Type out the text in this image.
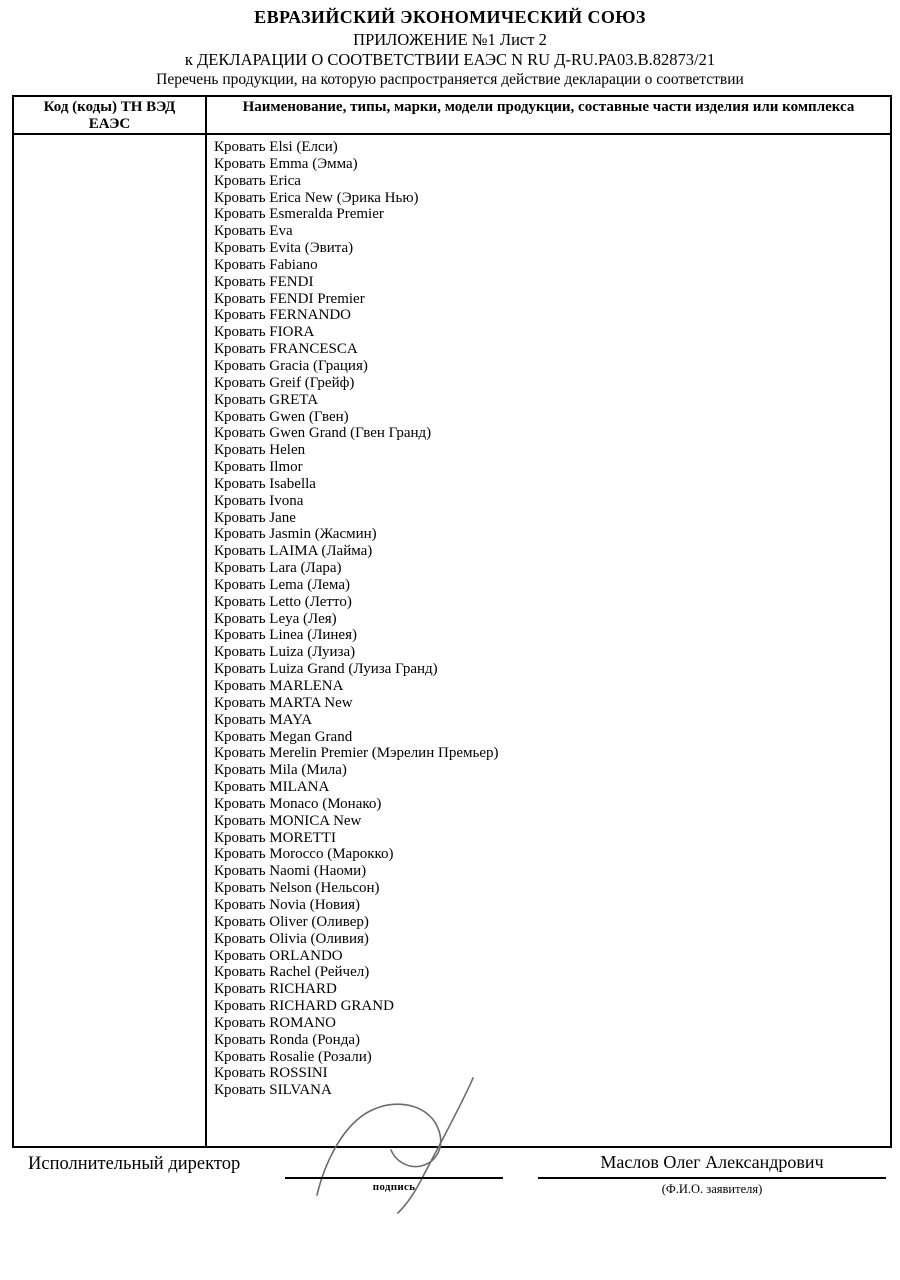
ЕВРАЗИЙСКИЙ ЭКОНОМИЧЕСКИЙ СОЮЗ
ПРИЛОЖЕНИЕ №1 Лист 2
к ДЕКЛАРАЦИИ О СООТВЕТСТВИИ ЕАЭС N RU Д-RU.РА03.В.82873/21
Перечень продукции, на которую распространяется действие декларации о соответствии
Код (коды) ТН ВЭД ЕАЭС
Наименование, типы, марки, модели продукции, составные части изделия или комплекса
Кровать Elsi (Елси)
Кровать Emma (Эмма)
Кровать Erica
Кровать Erica New (Эрика Нью)
Кровать Esmeralda Premier
Кровать Eva
Кровать Evita (Эвита)
Кровать Fabiano
Кровать FENDI
Кровать FENDI Premier
Кровать FERNANDO
Кровать FIORA
Кровать FRANCESCA
Кровать Gracia (Грация)
Кровать Greif (Грейф)
Кровать GRETA
Кровать Gwen (Гвен)
Кровать Gwen Grand (Гвен Гранд)
Кровать Helen
Кровать Ilmor
Кровать Isabella
Кровать Ivona
Кровать Jane
Кровать Jasmin (Жасмин)
Кровать LAIMA (Лайма)
Кровать Lara (Лара)
Кровать Lema (Лема)
Кровать Letto (Летто)
Кровать Leya (Лея)
Кровать Linea (Линея)
Кровать Luiza (Луиза)
Кровать Luiza Grand (Луиза Гранд)
Кровать MARLENA
Кровать MARTA New
Кровать MAYA
Кровать Megan Grand
Кровать Merelin Premier (Мэрелин Премьер)
Кровать Mila (Мила)
Кровать MILANA
Кровать Monaco (Монако)
Кровать MONICA New
Кровать MORETTI
Кровать Morocco (Марокко)
Кровать Naomi (Наоми)
Кровать Nelson (Нельсон)
Кровать Novia (Новия)
Кровать Oliver (Оливер)
Кровать Olivia (Оливия)
Кровать ORLANDO
Кровать Rachel (Рейчел)
Кровать RICHARD
Кровать RICHARD GRAND
Кровать ROMANO
Кровать Ronda (Ронда)
Кровать Rosalie (Розали)
Кровать ROSSINI
Кровать SILVANA
Исполнительный директор
подпись
Маслов Олег Александрович
(Ф.И.О. заявителя)
